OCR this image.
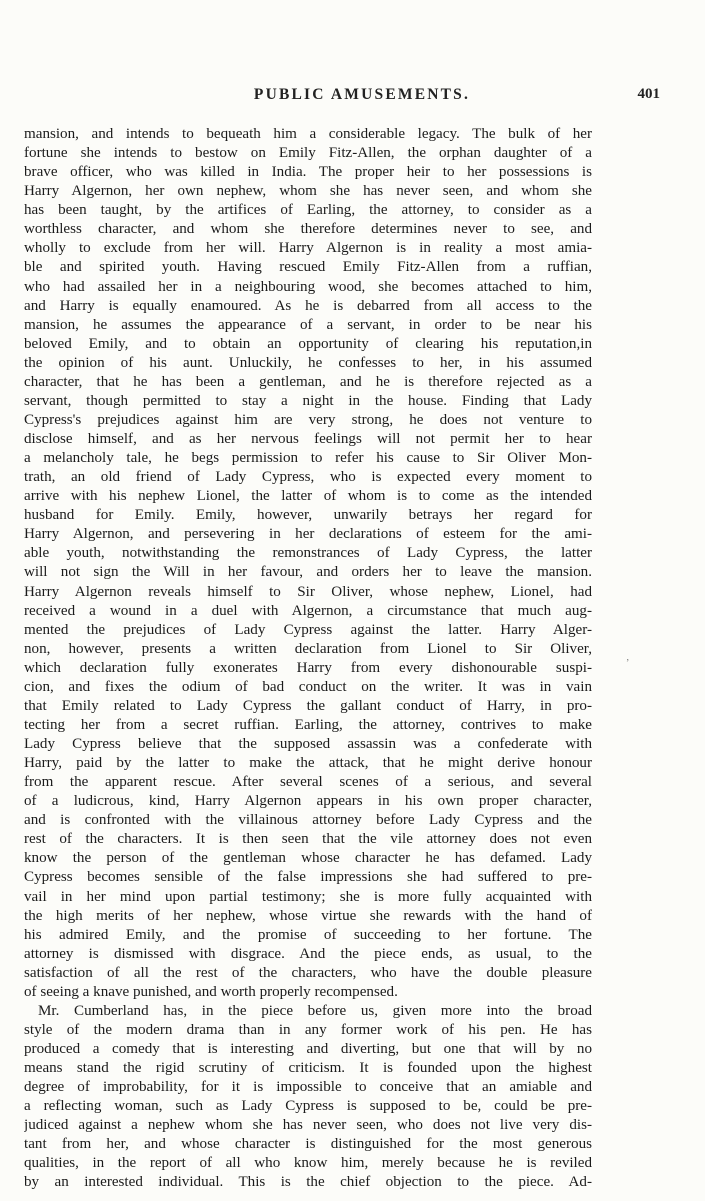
PUBLIC AMUSEMENTS.	401
mansion, and intends to bequeath him a considerable legacy. The bulk of her
fortune she intends to bestow on Emily Fitz-Allen, the orphan daughter of a
brave officer, who was killed in India. The proper heir to her possessions is
Harry Algernon, her own nephew, whom she has never seen, and whom she
has been taught, by the artifices of Earling, the attorney, to consider as a
worthless character, and whom she therefore determines never to see, and
wholly to exclude from her will. Harry Algernon is in reality a most amia-
ble and spirited youth. Having rescued Emily Fitz-Allen from a ruffian,
who had assailed her in a neighbouring wood, she becomes attached to him,
and Harry is equally enamoured. As he is debarred from all access to the
mansion, he assumes the appearance of a servant, in order to be near his
beloved Emily, and to obtain an opportunity of clearing his reputation,in
the opinion of his aunt. Unluckily, he confesses to her, in his assumed
character, that he has been a gentleman, and he is therefore rejected as a
servant, though permitted to stay a night in the house. Finding that Lady
Cypress's prejudices against him are very strong, he does not venture to
disclose himself, and as her nervous feelings will not permit her to hear
a melancholy tale, he begs permission to refer his cause to Sir Oliver Mon-
trath, an old friend of Lady Cypress, who is expected every moment to
arrive with his nephew Lionel, the latter of whom is to come as the intended
husband for Emily. Emily, however, unwarily betrays her regard for
Harry Algernon, and persevering in her declarations of esteem for the ami-
able youth, notwithstanding the remonstrances of Lady Cypress, the latter
will not sign the Will in her favour, and orders her to leave the mansion.
Harry Algernon reveals himself to Sir Oliver, whose nephew, Lionel, had
received a wound in a duel with Algernon, a circumstance that much aug-
mented the prejudices of Lady Cypress against the latter. Harry Alger-
non, however, presents a written declaration from Lionel to Sir Oliver,
which declaration fully exonerates Harry from every dishonourable suspi-
cion, and fixes the odium of bad conduct on the writer. It was in vain
that Emily related to Lady Cypress the gallant conduct of Harry, in pro-
tecting her from a secret ruffian. Earling, the attorney, contrives to make
Lady Cypress believe that the supposed assassin was a confederate with
Harry, paid by the latter to make the attack, that he might derive honour
from the apparent rescue. After several scenes of a serious, and several
of a ludicrous, kind, Harry Algernon appears in his own proper character,
and is confronted with the villainous attorney before Lady Cypress and the
rest of the characters. It is then seen that the vile attorney does not even
know the person of the gentleman whose character he has defamed. Lady
Cypress becomes sensible of the false impressions she had suffered to pre-
vail in her mind upon partial testimony; she is more fully acquainted with
the high merits of her nephew, whose virtue she rewards with the hand of
his admired Emily, and the promise of succeeding to her fortune. The
attorney is dismissed with disgrace. And the piece ends, as usual, to the
satisfaction of all the rest of the characters, who have the double pleasure
of seeing a knave punished, and worth properly recompensed.
Mr. Cumberland has, in the piece before us, given more into the broad
style of the modern drama than in any former work of his pen. He has
produced a comedy that is interesting and diverting, but one that will by no
means stand the rigid scrutiny of criticism. It is founded upon the highest
degree of improbability, for it is impossible to conceive that an amiable and
a reflecting woman, such as Lady Cypress is supposed to be, could be pre-
judiced against a nephew whom she has never seen, who does not live very dis-
tant from her, and whose character is distinguished for the most generous
qualities, in the report of all who know him, merely because he is reviled
by an interested individual. This is the chief objection to the piece. Ad-
’
